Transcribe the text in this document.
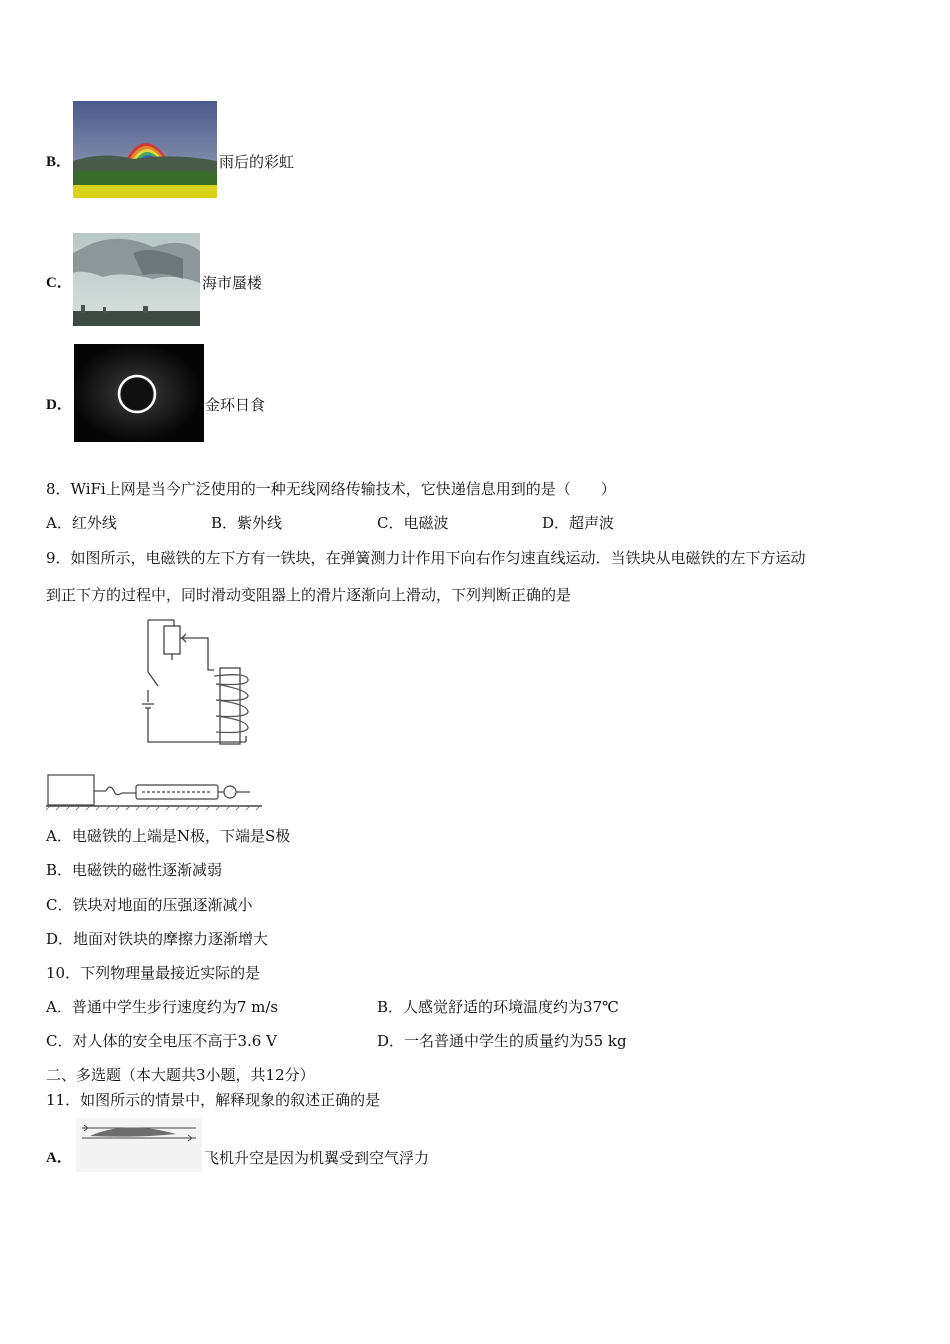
B．	雨后的彩虹
C．	海市蜃楼
D．	金环日食
8．WiFi上网是当今广泛使用的一种无线网络传输技术，它快递信息用到的是（　　）
A．红外线	B．紫外线	C．电磁波	D．超声波
9．如图所示，电磁铁的左下方有一铁块，在弹簧测力计作用下向右作匀速直线运动．当铁块从电磁铁的左下方运动
到正下方的过程中，同时滑动变阻器上的滑片逐渐向上滑动，下列判断正确的是
A．电磁铁的上端是N极，下端是S极
B．电磁铁的磁性逐渐减弱
C．铁块对地面的压强逐渐减小
D．地面对铁块的摩擦力逐渐增大
10．下列物理量最接近实际的是
A．普通中学生步行速度约为7 m/s	B．人感觉舒适的环境温度约为37℃
C．对人体的安全电压不高于3.6 V	D．一名普通中学生的质量约为55 kg
二、多选题（本大题共3小题，共12分）
11．如图所示的情景中，解释现象的叙述正确的是
A．	飞机升空是因为机翼受到空气浮力
